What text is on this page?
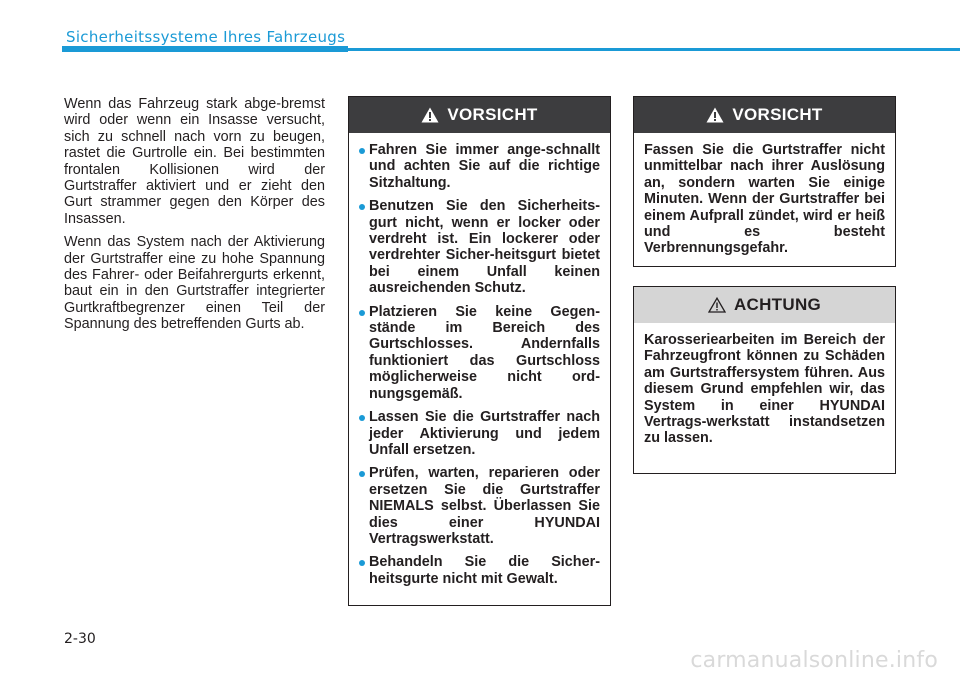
Sicherheitssysteme Ihres Fahrzeugs

Wenn das Fahrzeug stark abge-bremst wird oder wenn ein Insasse versucht, sich zu schnell nach vorn zu beugen, rastet die Gurtrolle ein. Bei bestimmten frontalen Kollisionen wird der Gurtstraffer aktiviert und er zieht den Gurt strammer gegen den Körper des Insassen.

Wenn das System nach der Aktivierung der Gurtstraffer eine zu hohe Spannung des Fahrer- oder Beifahrergurts erkennt, baut ein in den Gurtstraffer integrierter Gurtkraftbegrenzer einen Teil der Spannung des betreffenden Gurts ab.

VORSICHT
Fahren Sie immer ange-schnallt und achten Sie auf die richtige Sitzhaltung.
Benutzen Sie den Sicherheits-gurt nicht, wenn er locker oder verdreht ist. Ein lockerer oder verdrehter Sicher-heitsgurt bietet bei einem Unfall keinen ausreichenden Schutz.
Platzieren Sie keine Gegen-stände im Bereich des Gurtschlosses. Andernfalls funktioniert das Gurtschloss möglicherweise nicht ord-nungsgemäß.
Lassen Sie die Gurtstraffer nach jeder Aktivierung und jedem Unfall ersetzen.
Prüfen, warten, reparieren oder ersetzen Sie die Gurtstraffer NIEMALS selbst. Überlassen Sie dies einer HYUNDAI Vertragswerkstatt.
Behandeln Sie die Sicher-heitsgurte nicht mit Gewalt.
VORSICHT
Fassen Sie die Gurtstraffer nicht unmittelbar nach ihrer Auslösung an, sondern warten Sie einige Minuten. Wenn der Gurtstraffer bei einem Aufprall zündet, wird er heiß und es besteht Verbrennungsgefahr.
ACHTUNG
Karosseriearbeiten im Bereich der Fahrzeugfront können zu Schäden am Gurtstraffersystem führen. Aus diesem Grund empfehlen wir, das System in einer HYUNDAI Vertrags-werkstatt instandsetzen zu lassen.
2-30
carmanualsonline.info
